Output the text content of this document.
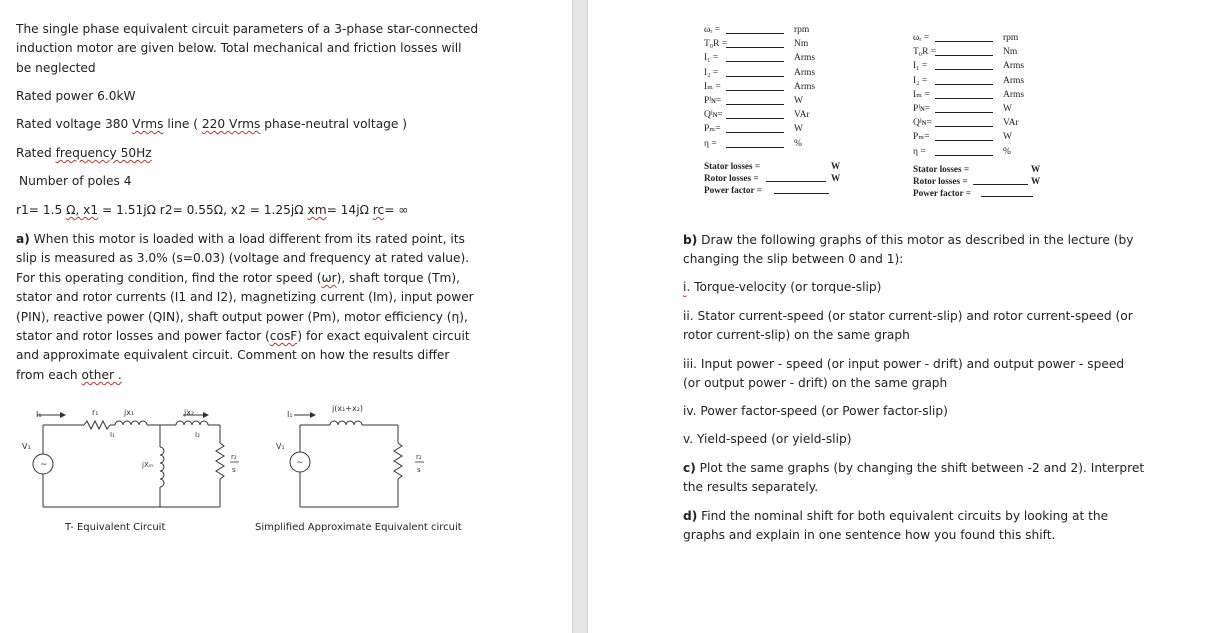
The single phase equivalent circuit parameters of a 3-phase star-connected
induction motor are given below. Total mechanical and friction losses will
be neglected
Rated power 6.0kW
Rated voltage 380 Vrms line ( 220 Vrms phase-neutral voltage )
Rated frequency 50Hz
Number of poles 4
r1= 1.5 Ω, x1 = 1.51jΩ r2= 0.55Ω, x2 = 1.25jΩ xm= 14jΩ rc= ∞
a) When this motor is loaded with a load different from its rated point, its
slip is measured as 3.0% (s=0.03) (voltage and frequency at rated value).
For this operating condition, find the rotor speed (ωr), shaft torque (Tm),
stator and rotor currents (I1 and I2), magnetizing current (Im), input power
(PIN), reactive power (QIN), shaft output power (Pm), motor efficiency (η),
stator and rotor losses and power factor (cosF) for exact equivalent circuit
and approximate equivalent circuit. Comment on how the results differ
from each other .
I₁	r₁	jx₁	jx₂
I₁	I₂
V₁
~	jXₘ
r₂
s
T- Equivalent Circuit
I₁
j(x₁+x₂)
V₁
~
r₂
s
Simplified Approximate Equivalent circuit
ωᵣ =	rpm
T₀R =	Nm
I₁ =	Arms
I₂ =	Arms
Iₘ =	Arms
Pᴵɴ=	W
Qᴵɴ=	VAr
Pₘ=	W
η =	%
ωᵣ =	rpm
T₀R =	Nm
I₁ =	Arms
I₂ =	Arms
Iₘ =	Arms
Pᴵɴ=	W
Qᴵɴ=	VAr
Pₘ=	W
η =	%
Stator losses =	W
Rotor losses =	W
Power factor =
Stator losses =	W
Rotor losses =	W
Power factor =
b) Draw the following graphs of this motor as described in the lecture (by
changing the slip between 0 and 1):
i. Torque-velocity (or torque-slip)
ii. Stator current-speed (or stator current-slip) and rotor current-speed (or
rotor current-slip) on the same graph
iii. Input power - speed (or input power - drift) and output power - speed
(or output power - drift) on the same graph
iv. Power factor-speed (or Power factor-slip)
v. Yield-speed (or yield-slip)
c) Plot the same graphs (by changing the shift between -2 and 2). Interpret
the results separately.
d) Find the nominal shift for both equivalent circuits by looking at the
graphs and explain in one sentence how you found this shift.
